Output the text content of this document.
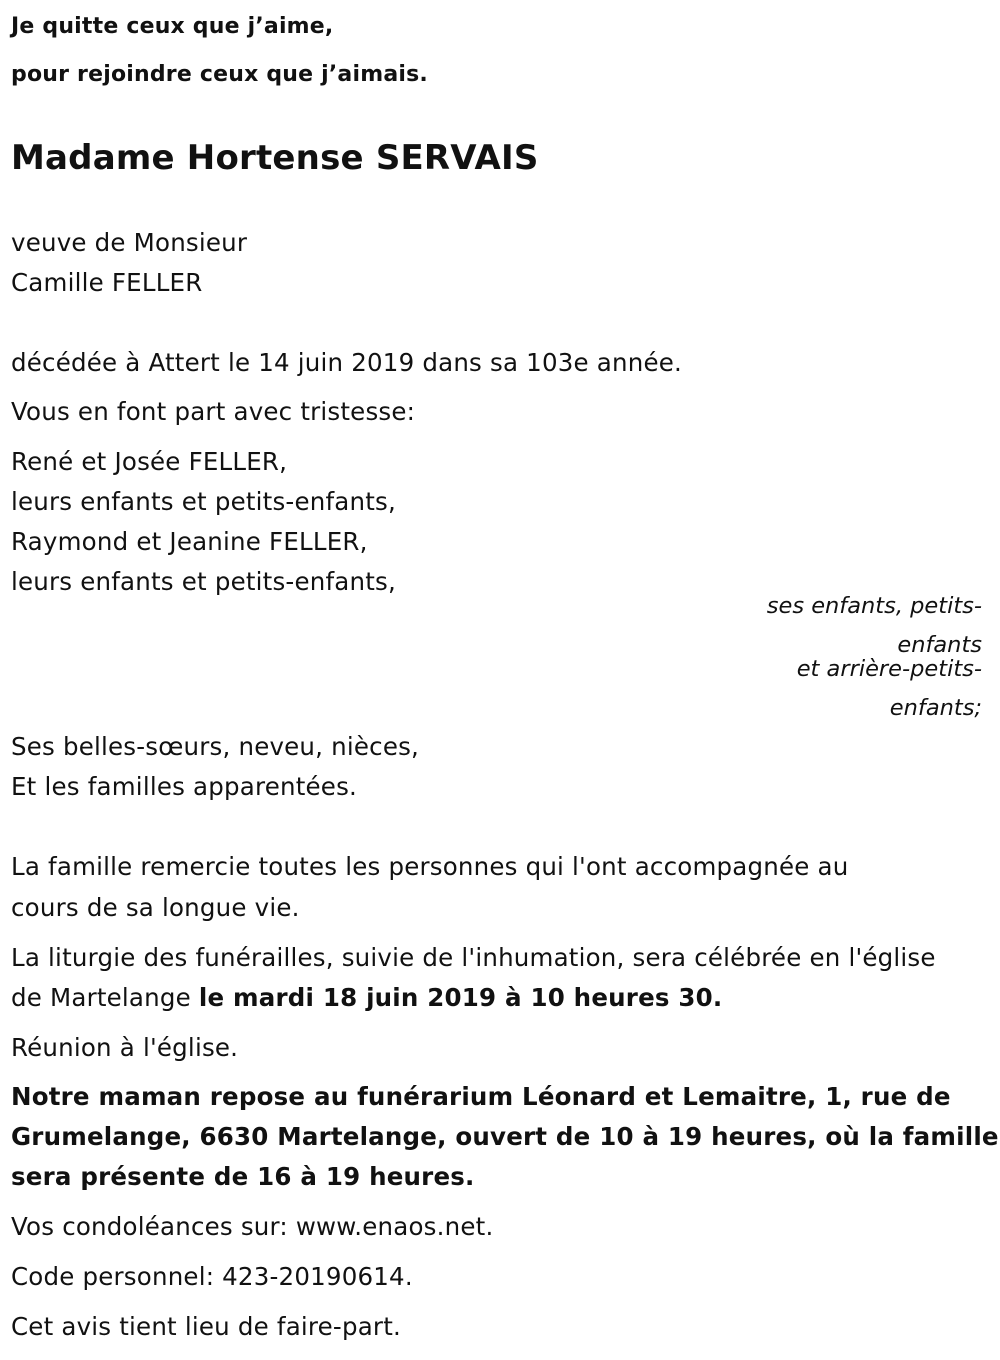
Je quitte ceux que j’aime,
pour rejoindre ceux que j’aimais.
Madame Hortense SERVAIS
veuve de Monsieur
Camille FELLER
décédée à Attert le 14 juin 2019 dans sa 103e année.
Vous en font part avec tristesse:
René et Josée FELLER,
leurs enfants et petits-enfants,
Raymond et Jeanine FELLER,
leurs enfants et petits-enfants,
ses enfants, petits-
enfants
et arrière-petits-
enfants;
Ses belles-sœurs, neveu, nièces,
Et les familles apparentées.
La famille remercie toutes les personnes qui l'ont accompagnée au
cours de sa longue vie.
La liturgie des funérailles, suivie de l'inhumation, sera célébrée en l'église
de Martelange le mardi 18 juin 2019 à 10 heures 30.
Réunion à l'église.
Notre maman repose au funérarium Léonard et Lemaitre, 1, rue de
Grumelange, 6630 Martelange, ouvert de 10 à 19 heures, où la famille
sera présente de 16 à 19 heures.
Vos condoléances sur: www.enaos.net.
Code personnel: 423-20190614.
Cet avis tient lieu de faire-part.
